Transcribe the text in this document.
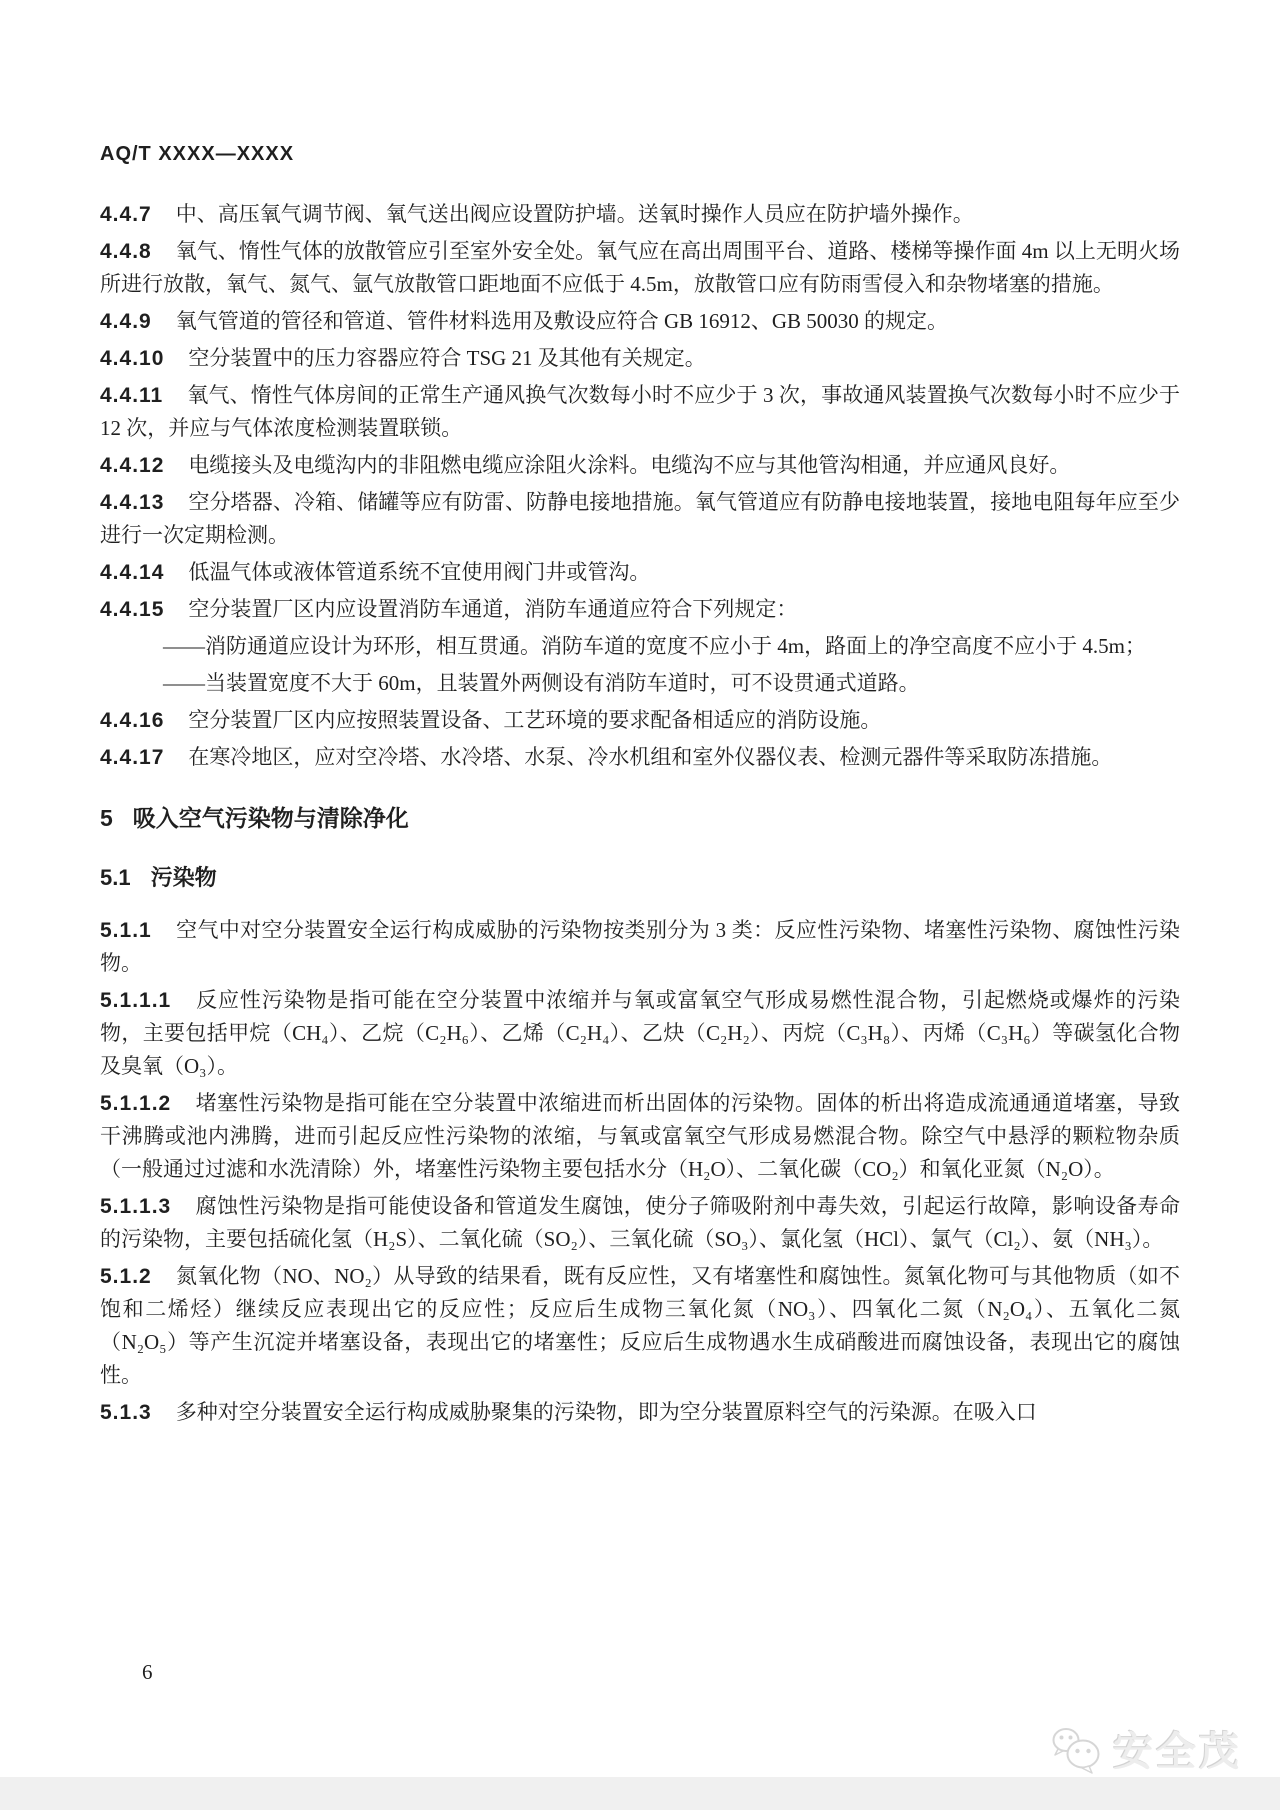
AQ/T XXXX—XXXX

4.4.7 中、高压氧气调节阀、氧气送出阀应设置防护墙。送氧时操作人员应在防护墙外操作。

4.4.8 氧气、惰性气体的放散管应引至室外安全处。氧气应在高出周围平台、道路、楼梯等操作面 4m 以上无明火场所进行放散，氧气、氮气、氩气放散管口距地面不应低于 4.5m，放散管口应有防雨雪侵入和杂物堵塞的措施。

4.4.9 氧气管道的管径和管道、管件材料选用及敷设应符合 GB 16912、GB 50030 的规定。

4.4.10 空分装置中的压力容器应符合 TSG 21 及其他有关规定。

4.4.11 氧气、惰性气体房间的正常生产通风换气次数每小时不应少于 3 次，事故通风装置换气次数每小时不应少于 12 次，并应与气体浓度检测装置联锁。

4.4.12 电缆接头及电缆沟内的非阻燃电缆应涂阻火涂料。电缆沟不应与其他管沟相通，并应通风良好。

4.4.13 空分塔器、冷箱、储罐等应有防雷、防静电接地措施。氧气管道应有防静电接地装置，接地电阻每年应至少进行一次定期检测。

4.4.14 低温气体或液体管道系统不宜使用阀门井或管沟。

4.4.15 空分装置厂区内应设置消防车通道，消防车通道应符合下列规定：

——消防通道应设计为环形，相互贯通。消防车道的宽度不应小于 4m，路面上的净空高度不应小于 4.5m；

——当装置宽度不大于 60m，且装置外两侧设有消防车道时，可不设贯通式道路。

4.4.16 空分装置厂区内应按照装置设备、工艺环境的要求配备相适应的消防设施。

4.4.17 在寒冷地区，应对空冷塔、水冷塔、水泵、冷水机组和室外仪器仪表、检测元器件等采取防冻措施。

5 吸入空气污染物与清除净化
5.1 污染物

5.1.1 空气中对空分装置安全运行构成威胁的污染物按类别分为 3 类：反应性污染物、堵塞性污染物、腐蚀性污染物。

5.1.1.1 反应性污染物是指可能在空分装置中浓缩并与氧或富氧空气形成易燃性混合物，引起燃烧或爆炸的污染物，主要包括甲烷（CH₄）、乙烷（C₂H₆）、乙烯（C₂H₄）、乙炔（C₂H₂）、丙烷（C₃H₈）、丙烯（C₃H₆）等碳氢化合物及臭氧（O₃）。

5.1.1.2 堵塞性污染物是指可能在空分装置中浓缩进而析出固体的污染物。固体的析出将造成流通通道堵塞，导致干沸腾或池内沸腾，进而引起反应性污染物的浓缩，与氧或富氧空气形成易燃混合物。除空气中悬浮的颗粒物杂质（一般通过过滤和水洗清除）外，堵塞性污染物主要包括水分（H₂O）、二氧化碳（CO₂）和氧化亚氮（N₂O）。

5.1.1.3 腐蚀性污染物是指可能使设备和管道发生腐蚀，使分子筛吸附剂中毒失效，引起运行故障，影响设备寿命的污染物，主要包括硫化氢（H₂S）、二氧化硫（SO₂）、三氧化硫（SO₃）、氯化氢（HCl）、氯气（Cl₂）、氨（NH₃）。

5.1.2 氮氧化物（NO、NO₂）从导致的结果看，既有反应性，又有堵塞性和腐蚀性。氮氧化物可与其他物质（如不饱和二烯烃）继续反应表现出它的反应性；反应后生成物三氧化氮（NO₃）、四氧化二氮（N₂O₄）、五氧化二氮（N₂O₅）等产生沉淀并堵塞设备，表现出它的堵塞性；反应后生成物遇水生成硝酸进而腐蚀设备，表现出它的腐蚀性。

5.1.3 多种对空分装置安全运行构成威胁聚集的污染物，即为空分装置原料空气的污染源。在吸入口

6
安全茂
